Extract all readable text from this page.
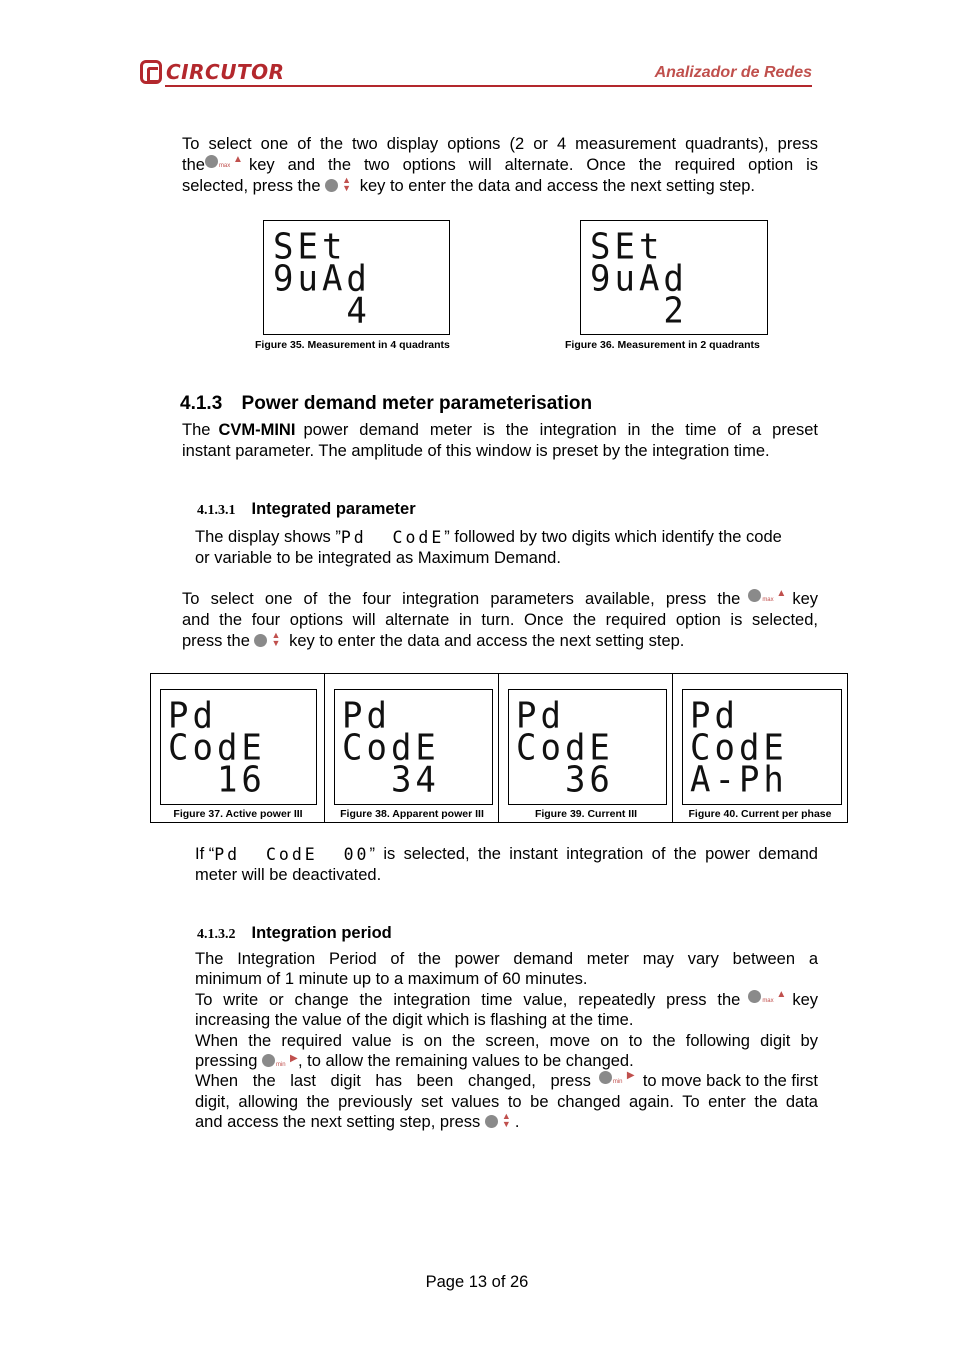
CIRCUTOR	Analizador de Redes
To select one of the two display options (2 or 4 measurement quadrants), press
the max
▲ key and the two options will alternate. Once the required option is
selected, press the ▲
▼ key to enter the data and access the next setting step.
SEt
9uAd
4
Figure 35. Measurement in 4 quadrants
SEt
9uAd
2
Figure 36. Measurement in 2 quadrants
4.1.3 Power demand meter parameterisation
The CVM-MINI power demand meter is the integration in the time of a preset
instant parameter. The amplitude of this window is preset by the integration time.
4.1.3.1 Integrated parameter
The display shows ” Pd  CodE ” followed by two digits which identify the code
or variable to be integrated as Maximum Demand.
To select one of the four integration parameters available, press the	max
▲ key
and the four options will alternate in turn. Once the required option is selected,
press the ▲
▼ key to enter the data and access the next setting step.
Pd
CodE
16
Figure 37. Active power III
Pd
CodE
34
Figure 38. Apparent power III
Pd
CodE
36
Figure 39. Current III
Pd
CodE
A-Ph
Figure 40. Current per phase
If “ Pd  CodE  00 ” is selected, the instant integration of the power demand
meter will be deactivated.
4.1.3.2 Integration period
The Integration Period of the power demand meter may vary between a
minimum of 1 minute up to a maximum of 60 minutes.
To write or change the integration time value, repeatedly press the	max
▲ key
increasing the value of the digit which is flashing at the time.
When the required value is on the screen, move on to the following digit by
pressing	min
▶ , to allow the remaining values to be changed.
When the last digit has been changed, press	min
▶ to move back to the first
digit, allowing the previously set values to be changed again. To enter the data
and access the next setting step, press ▲
▼ .
Page 13 of 26
